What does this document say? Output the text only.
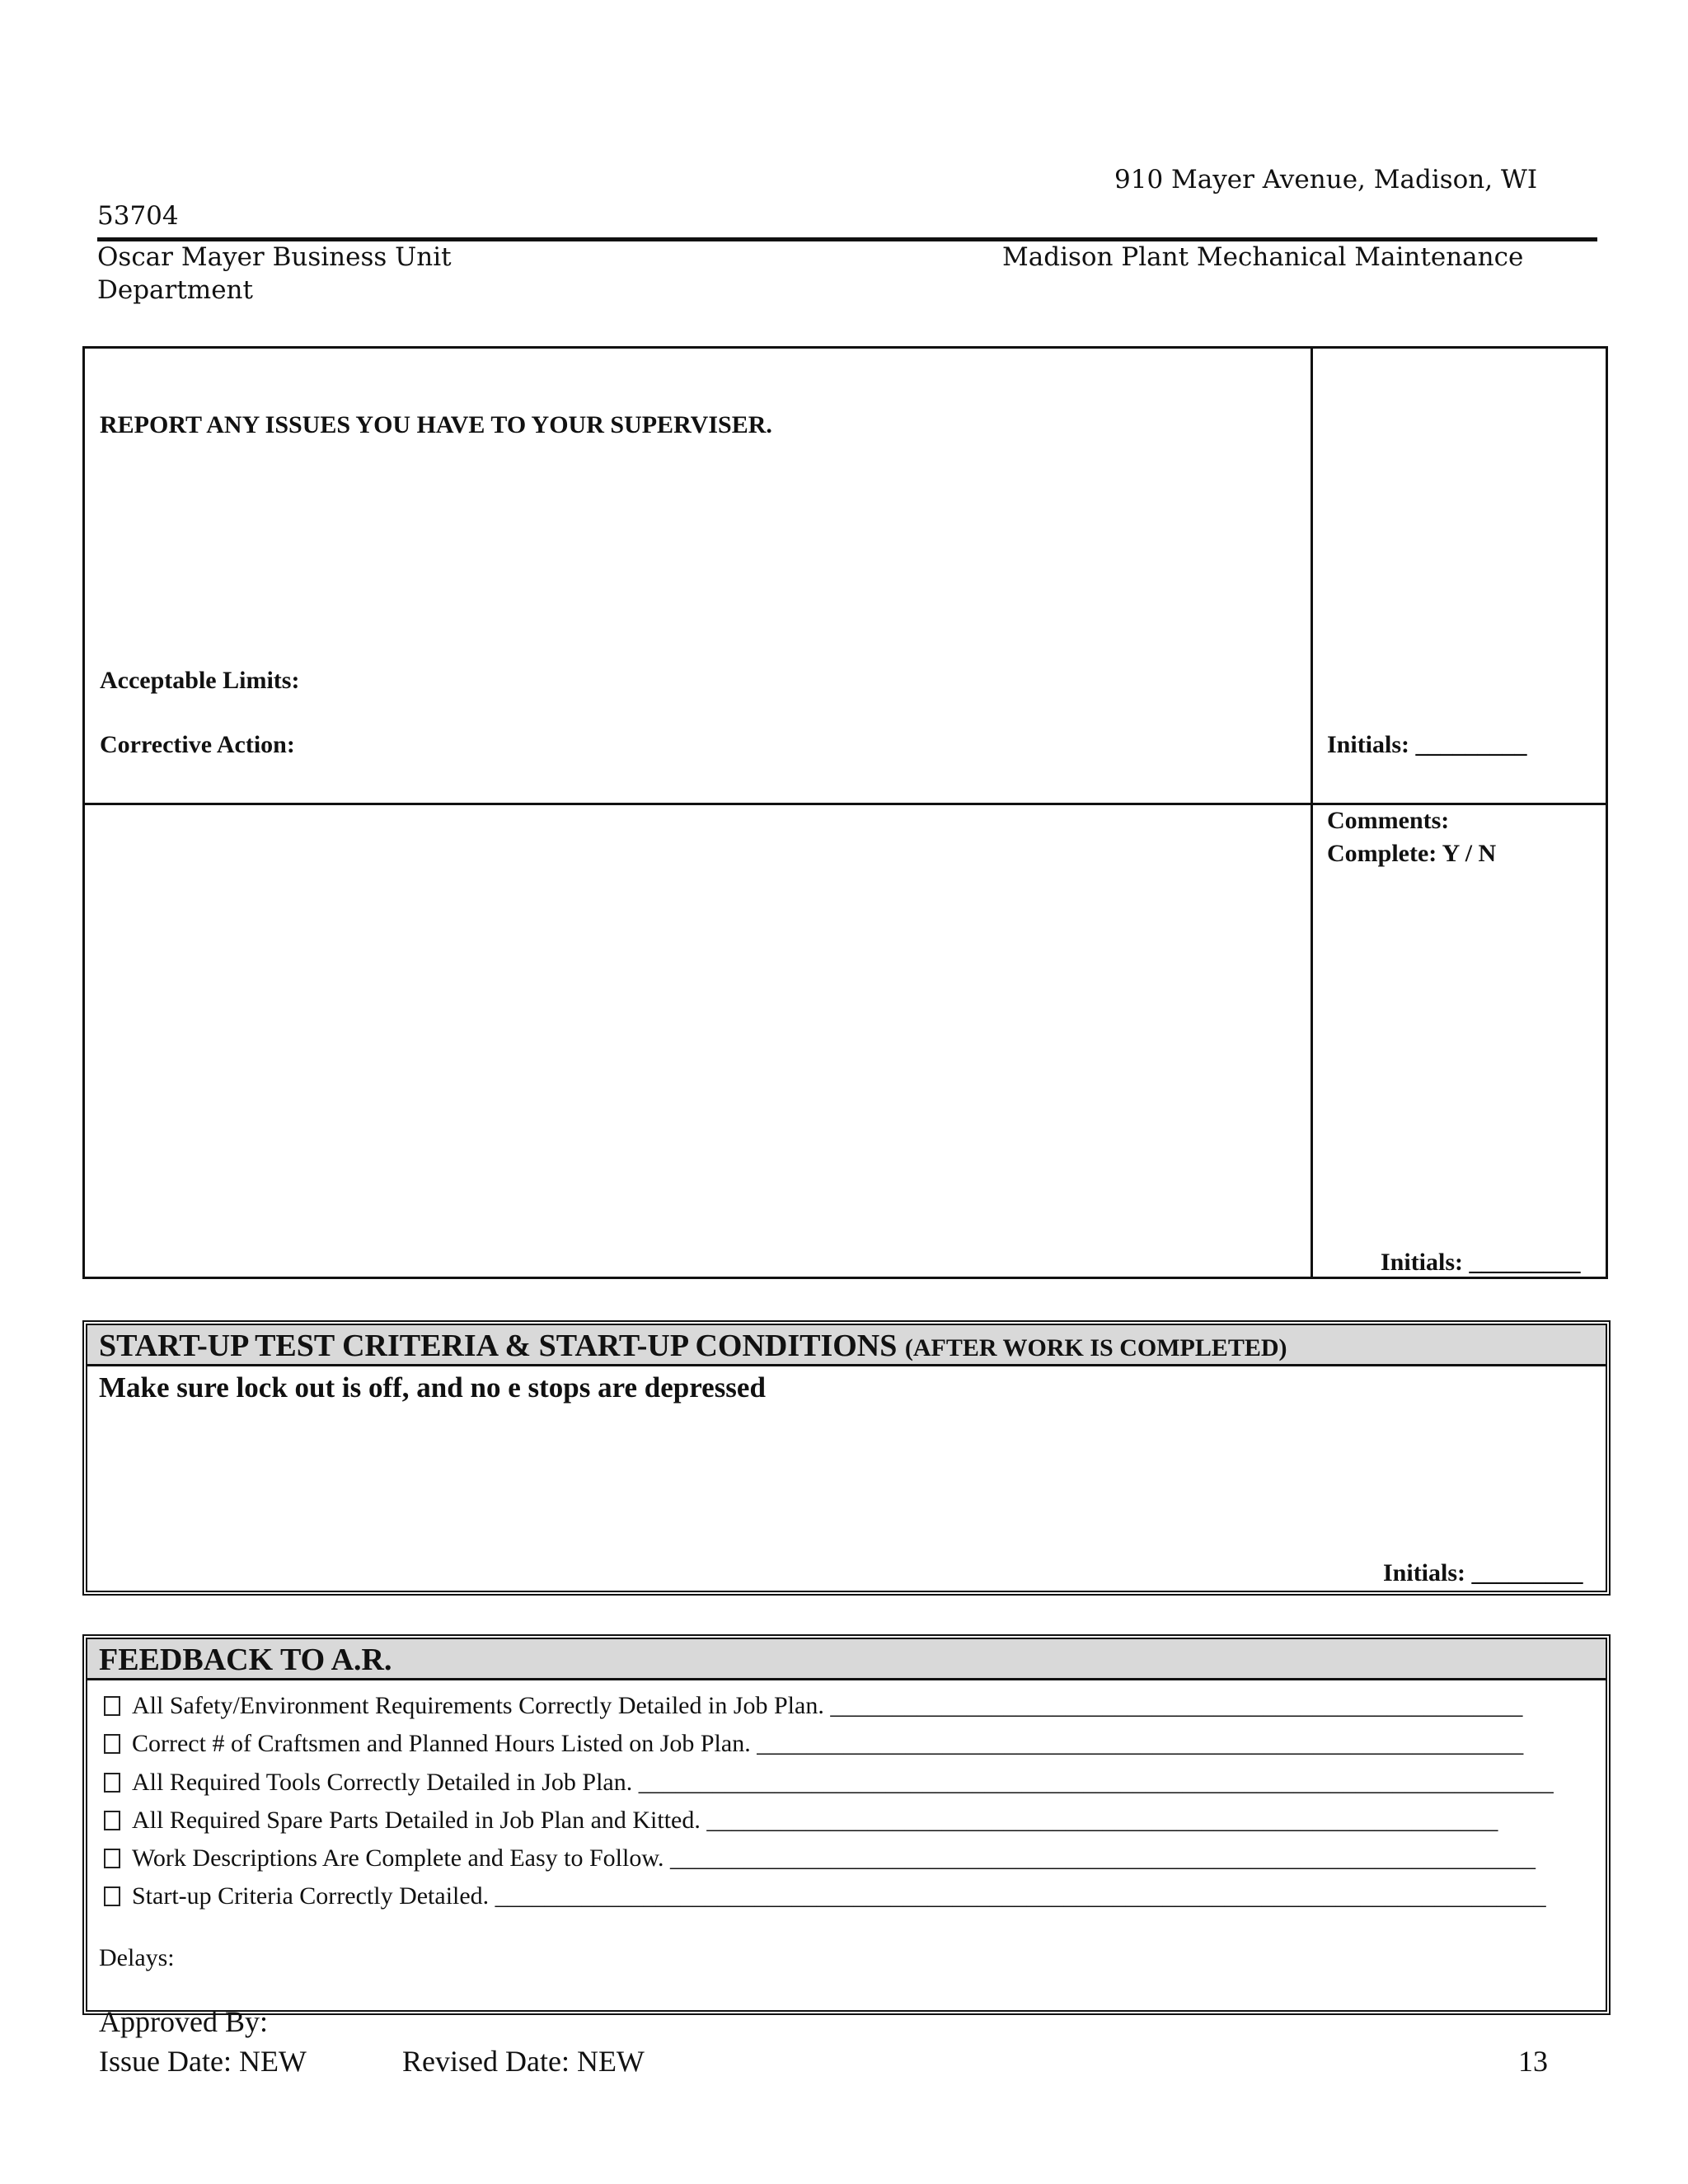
910 Mayer Avenue, Madison, WI
53704
Oscar Mayer Business Unit	Madison Plant Mechanical Maintenance
Department
REPORT ANY ISSUES YOU HAVE TO YOUR SUPERVISER.
Acceptable Limits:
Corrective Action:	Initials: _________
Comments:
Complete: Y / N
Initials: _________
START-UP TEST CRITERIA & START-UP CONDITIONS (AFTER WORK IS COMPLETED)
Make sure lock out is off, and no e stops are depressed
Initials: _________
FEEDBACK TO A.R.
All Safety/Environment Requirements Correctly Detailed in Job Plan. ________________________________________________________
Correct # of Craftsmen and Planned Hours Listed on Job Plan. ______________________________________________________________
All Required Tools Correctly Detailed in Job Plan. __________________________________________________________________________
All Required Spare Parts Detailed in Job Plan and Kitted. ________________________________________________________________
Work Descriptions Are Complete and Easy to Follow. ______________________________________________________________________
Start-up Criteria Correctly Detailed. _____________________________________________________________________________________
Delays:
Approved By:
Issue Date: NEW	Revised Date: NEW	13
